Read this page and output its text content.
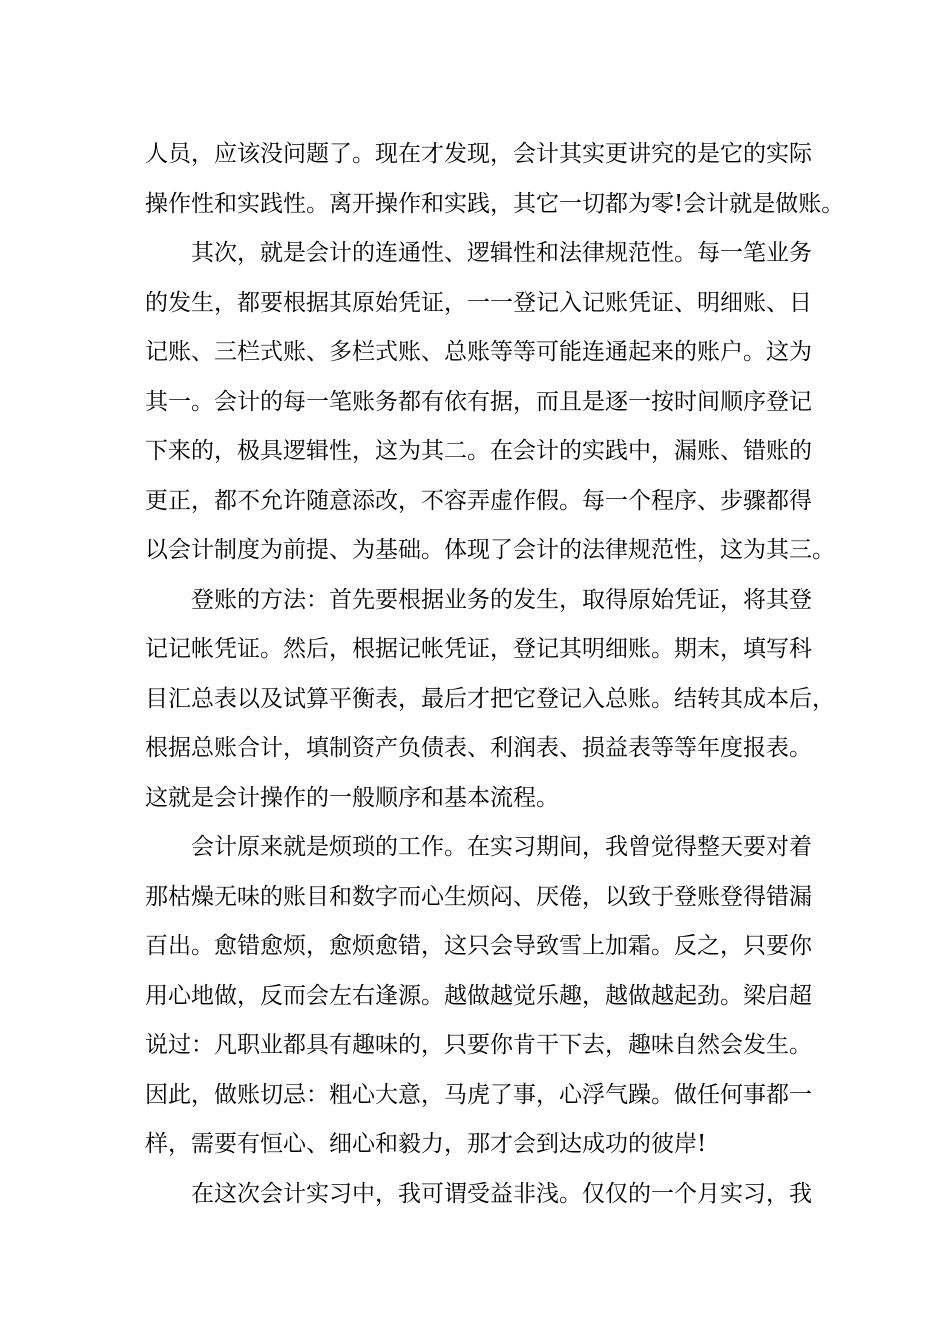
人员，应该没问题了。现在才发现，会计其实更讲究的是它的实际
操作性和实践性。离开操作和实践，其它一切都为零!会计就是做账。
其次，就是会计的连通性、逻辑性和法律规范性。每一笔业务
的发生，都要根据其原始凭证，一一登记入记账凭证、明细账、日
记账、三栏式账、多栏式账、总账等等可能连通起来的账户。这为
其一。会计的每一笔账务都有依有据，而且是逐一按时间顺序登记
下来的，极具逻辑性，这为其二。在会计的实践中，漏账、错账的
更正，都不允许随意添改，不容弄虚作假。每一个程序、步骤都得
以会计制度为前提、为基础。体现了会计的法律规范性，这为其三。
登账的方法：首先要根据业务的发生，取得原始凭证，将其登
记记帐凭证。然后，根据记帐凭证，登记其明细账。期末，填写科
目汇总表以及试算平衡表，最后才把它登记入总账。结转其成本后，
根据总账合计，填制资产负债表、利润表、损益表等等年度报表。
这就是会计操作的一般顺序和基本流程。
会计原来就是烦琐的工作。在实习期间，我曾觉得整天要对着
那枯燥无味的账目和数字而心生烦闷、厌倦，以致于登账登得错漏
百出。愈错愈烦，愈烦愈错，这只会导致雪上加霜。反之，只要你
用心地做，反而会左右逢源。越做越觉乐趣，越做越起劲。梁启超
说过：凡职业都具有趣味的，只要你肯干下去，趣味自然会发生。
因此，做账切忌：粗心大意，马虎了事，心浮气躁。做任何事都一
样，需要有恒心、细心和毅力，那才会到达成功的彼岸!
在这次会计实习中，我可谓受益非浅。仅仅的一个月实习，我
